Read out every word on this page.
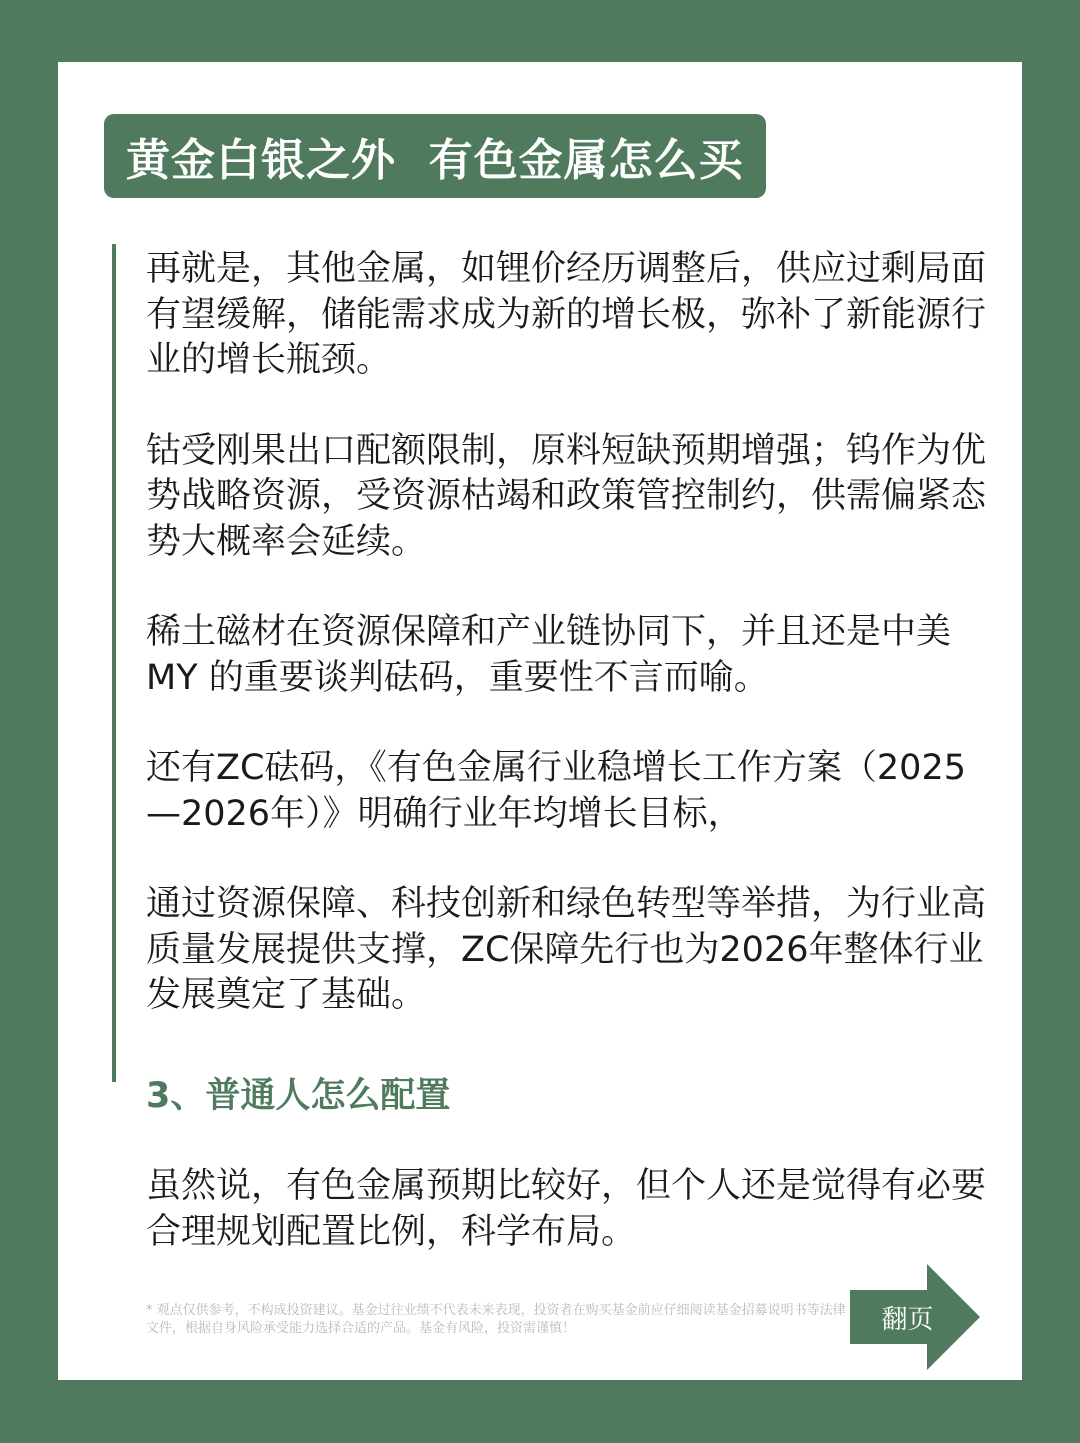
黄金白银之外  有色金属怎么买

再就是，其他金属，如锂价经历调整后，供应过剩局面有望缓解，储能需求成为新的增长极，弥补了新能源行业的增长瓶颈。

钴受刚果出口配额限制，原料短缺预期增强；钨作为优势战略资源，受资源枯竭和政策管控制约，供需偏紧态势大概率会延续。

稀土磁材在资源保障和产业链协同下，并且还是中美 MY 的重要谈判砝码，重要性不言而喻。

还有ZC砝码，《有色金属行业稳增长工作方案（2025—2026年）》明确行业年均增长目标，

通过资源保障、科技创新和绿色转型等举措，为行业高质量发展提供支撑，ZC保障先行也为2026年整体行业发展奠定了基础。

3、普通人怎么配置

虽然说，有色金属预期比较好，但个人还是觉得有必要合理规划配置比例，科学布局。

* 观点仅供参考，不构成投资建议。基金过往业绩不代表未来表现，投资者在购买基金前应仔细阅读基金招募说明书等法律文件，根据自身风险承受能力选择合适的产品。基金有风险，投资需谨慎！	翻页
